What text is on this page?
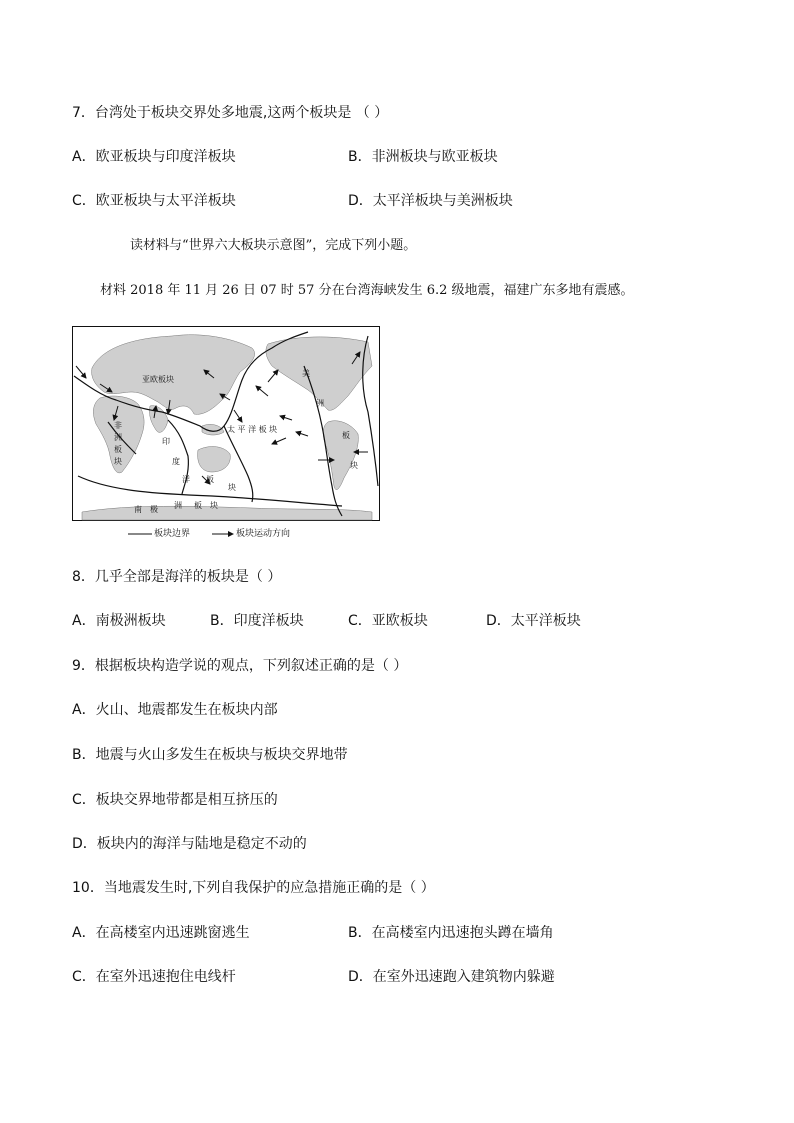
7．台湾处于板块交界处多地震,这两个板块是 （ ）
A．欧亚板块与印度洋板块	B．非洲板块与欧亚板块
C．欧亚板块与太平洋板块	D．太平洋板块与美洲板块
读材料与“世界六大板块示意图”，完成下列小题。
材料 2018 年 11 月 26 日 07 时 57 分在台湾海峡发生 6.2 级地震，福建广东多地有震感。
亚欧板块
非
洲
板
块
印
度
洋 板
块
太 平 洋 板 块
美
洲
板
块
南 极 洲 板 块
板块边界	板块运动方向
8．几乎全部是海洋的板块是（ ）
A．南极洲板块	B．印度洋板块	C．亚欧板块	D．太平洋板块
9．根据板块构造学说的观点，下列叙述正确的是（ ）
A．火山、地震都发生在板块内部
B．地震与火山多发生在板块与板块交界地带
C．板块交界地带都是相互挤压的
D．板块内的海洋与陆地是稳定不动的
10．当地震发生时,下列自我保护的应急措施正确的是（ ）
A．在高楼室内迅速跳窗逃生	B．在高楼室内迅速抱头蹲在墙角
C．在室外迅速抱住电线杆	D．在室外迅速跑入建筑物内躲避
